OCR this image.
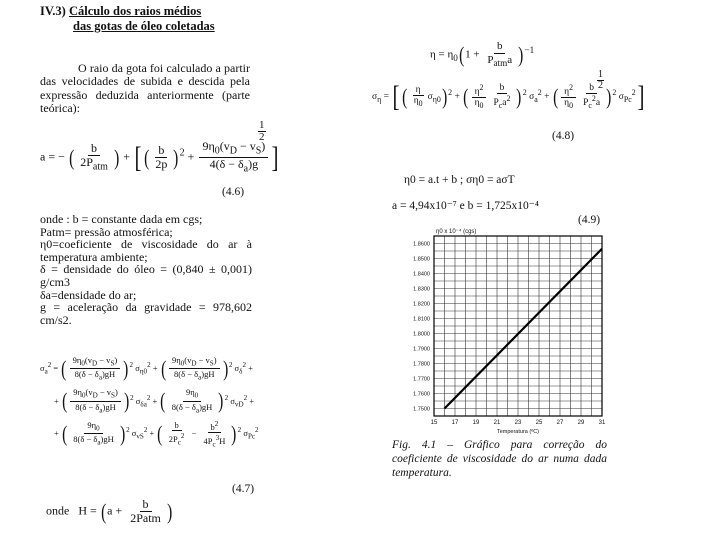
IV.3) Cálculo dos raios médios
das gotas de óleo coletadas
O raio da gota foi calculado a partir das velocidades de subida e descida pela expressão deduzida anteriormente (parte teórica):
a = − ( $\frac{b}{2P_{atm}}$ ) + [ ( $\frac{b}{2p} )^2 + \frac{9\eta_0(v_D - v_S)}{4(\delta - \delta_a)g}$ ]
1
2
(4.6)
onde : b = constante dada em cgs;
Patm= pressão atmosférica;
η0=coeficiente de viscosidade do ar à temperatura ambiente;
δ = densidade do óleo = (0,840 ± 0,001) g/cm3
δa=densidade do ar;
g = aceleração da gravidade = 978,602 cm/s2.
$\sigma_a^2$ = ( $\frac{9\eta_0(v_D - v_S)}{8(\delta - \delta_a)gH} )^2$ $\sigma_{\eta 0}^2$ + ( $\frac{9\eta_0(v_D - v_S)}{8(\delta - \delta_a)gH} )^2$ $\sigma_\delta^2$ +
+ ( $\frac{9\eta_0(v_D - v_S)}{8(\delta - \delta_a)gH} )^2$ $\sigma_{\delta a}^2$ + ( $\frac{9\eta_0}{8(\delta - \delta_a)gH} )^2$ $\sigma_{vD}^2$ +
+ ( $\frac{9\eta_0}{8(\delta - \delta_a)gH} )^2$ $\sigma_{vS}^2$ + ( $\frac{b}{2P_c^2} - \frac{b^2}{4P_c^3H} )^2$ $\sigma_{Pc}^2$
(4.7)
onde   $H = (a + \frac{b}{\text{2Patm}}$ )
$\eta = \eta_0(1 + \frac{b}{P_{atm}a} )^{-1}$
$\sigma_\eta$ = [ ( $\frac{\eta}{\eta_0} \sigma_{\eta 0})^2$ + ( $\frac{\eta^2}{\eta_0} \frac{b}{P_ca^2} )^2$ $\sigma_a^2$ + ( $\frac{\eta^2}{\eta_0} \frac{b}{P_c^2a} )^2$ $\sigma_{Pc}^2$]
1
2
(4.8)
η0 = a.t + b ; ση0 = aσT
a = 4,94x10⁻⁷ e b = 1,725x10⁻⁴
(4.9)
1.8600
1.8500
1.8400
1.8300
1.8200
1.8100
1.8000
1.7900
1.7800
1.7700
1.7600
1.7500
15 17 19 21 23 25 27 29 31
η0 x 10⁻⁴ (cgs)
Temperatura (ºC)
Fig. 4.1 – Gráfico para correção do coeficiente de viscosidade do ar numa dada temperatura.
